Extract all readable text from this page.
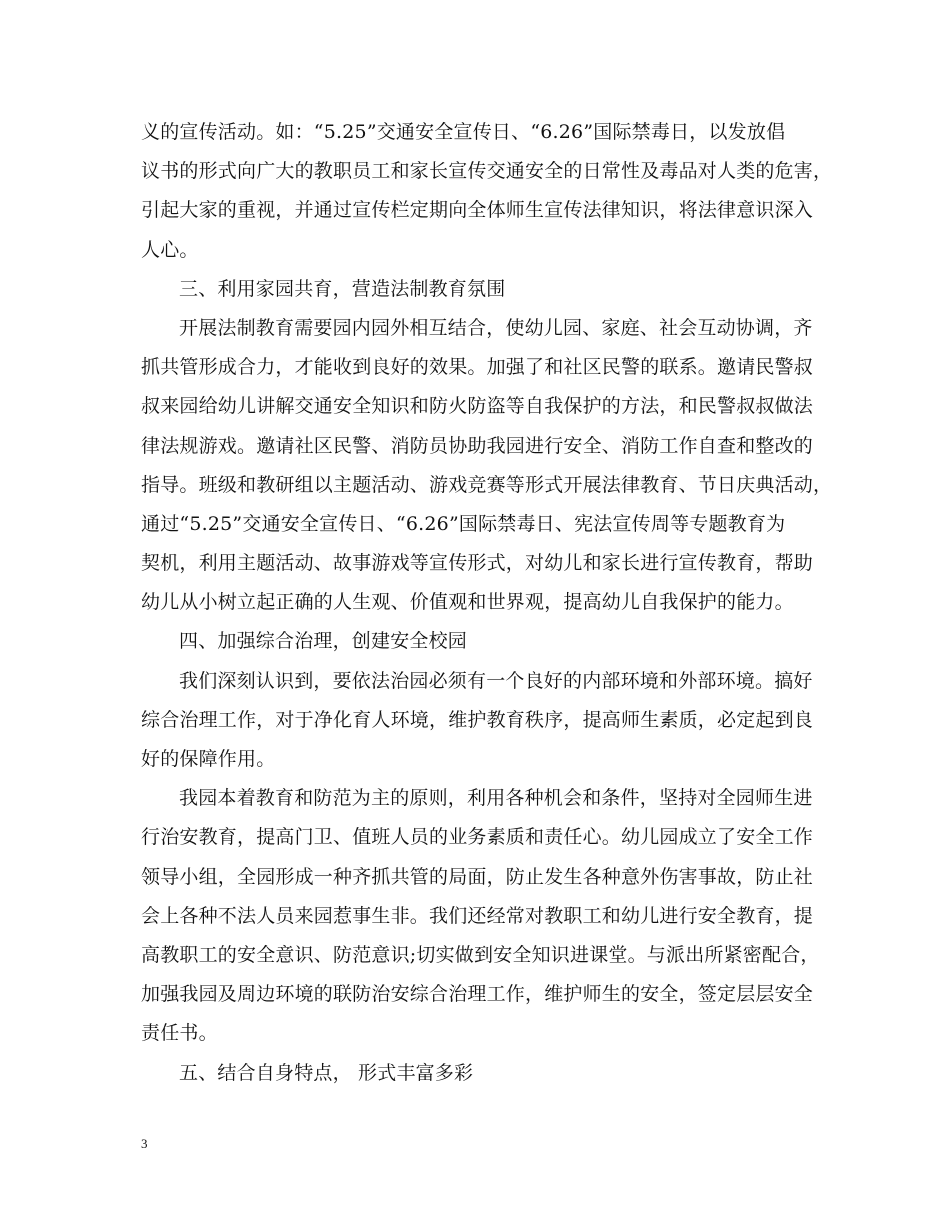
义的宣传活动。如：“5.25”交通安全宣传日、“6.26”国际禁毒日，以发放倡
议书的形式向广大的教职员工和家长宣传交通安全的日常性及毒品对人类的危害，
引起大家的重视，并通过宣传栏定期向全体师生宣传法律知识，将法律意识深入
人心。
三、利用家园共育，营造法制教育氛围
开展法制教育需要园内园外相互结合，使幼儿园、家庭、社会互动协调，齐
抓共管形成合力，才能收到良好的效果。加强了和社区民警的联系。邀请民警叔
叔来园给幼儿讲解交通安全知识和防火防盗等自我保护的方法，和民警叔叔做法
律法规游戏。邀请社区民警、消防员协助我园进行安全、消防工作自查和整改的
指导。班级和教研组以主题活动、游戏竞赛等形式开展法律教育、节日庆典活动，
通过“5.25”交通安全宣传日、“6.26”国际禁毒日、宪法宣传周等专题教育为
契机，利用主题活动、故事游戏等宣传形式，对幼儿和家长进行宣传教育，帮助
幼儿从小树立起正确的人生观、价值观和世界观，提高幼儿自我保护的能力。
四、加强综合治理，创建安全校园
我们深刻认识到，要依法治园必须有一个良好的内部环境和外部环境。搞好
综合治理工作，对于净化育人环境，维护教育秩序，提高师生素质，必定起到良
好的保障作用。
我园本着教育和防范为主的原则，利用各种机会和条件，坚持对全园师生进
行治安教育，提高门卫、值班人员的业务素质和责任心。幼儿园成立了安全工作
领导小组，全园形成一种齐抓共管的局面，防止发生各种意外伤害事故，防止社
会上各种不法人员来园惹事生非。我们还经常对教职工和幼儿进行安全教育，提
高教职工的安全意识、防范意识;切实做到安全知识进课堂。与派出所紧密配合，
加强我园及周边环境的联防治安综合治理工作，维护师生的安全，签定层层安全
责任书。
五、结合自身特点， 形式丰富多彩
3
